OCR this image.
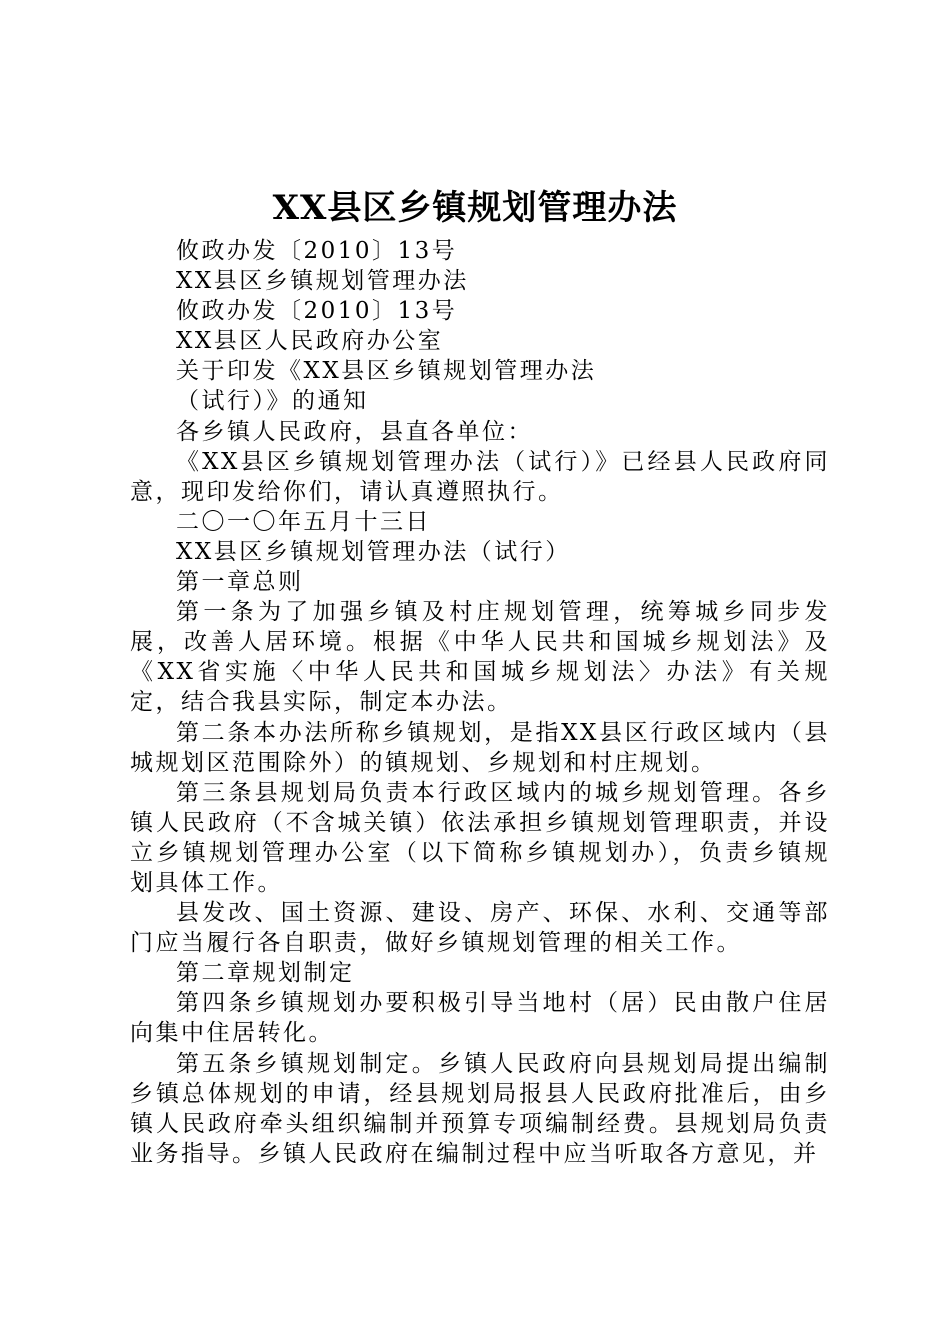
XX县区乡镇规划管理办法

攸政办发〔2010〕13号

XX县区乡镇规划管理办法

攸政办发〔2010〕13号

XX县区人民政府办公室

关于印发《XX县区乡镇规划管理办法

（试行）》的通知

各乡镇人民政府，县直各单位：

《XX县区乡镇规划管理办法（试行）》已经县人民政府同意，现印发给你们，请认真遵照执行。

二〇一〇年五月十三日

XX县区乡镇规划管理办法（试行）

第一章总则

第一条为了加强乡镇及村庄规划管理，统筹城乡同步发展，改善人居环境。根据《中华人民共和国城乡规划法》及《XX省实施〈中华人民共和国城乡规划法〉办法》有关规定，结合我县实际，制定本办法。

第二条本办法所称乡镇规划，是指XX县区行政区域内（县城规划区范围除外）的镇规划、乡规划和村庄规划。

第三条县规划局负责本行政区域内的城乡规划管理。各乡镇人民政府（不含城关镇）依法承担乡镇规划管理职责，并设立乡镇规划管理办公室（以下简称乡镇规划办），负责乡镇规划具体工作。

县发改、国土资源、建设、房产、环保、水利、交通等部门应当履行各自职责，做好乡镇规划管理的相关工作。

第二章规划制定

第四条乡镇规划办要积极引导当地村（居）民由散户住居向集中住居转化。

第五条乡镇规划制定。乡镇人民政府向县规划局提出编制乡镇总体规划的申请，经县规划局报县人民政府批准后，由乡镇人民政府牵头组织编制并预算专项编制经费。县规划局负责业务指导。乡镇人民政府在编制过程中应当听取各方意见，并
